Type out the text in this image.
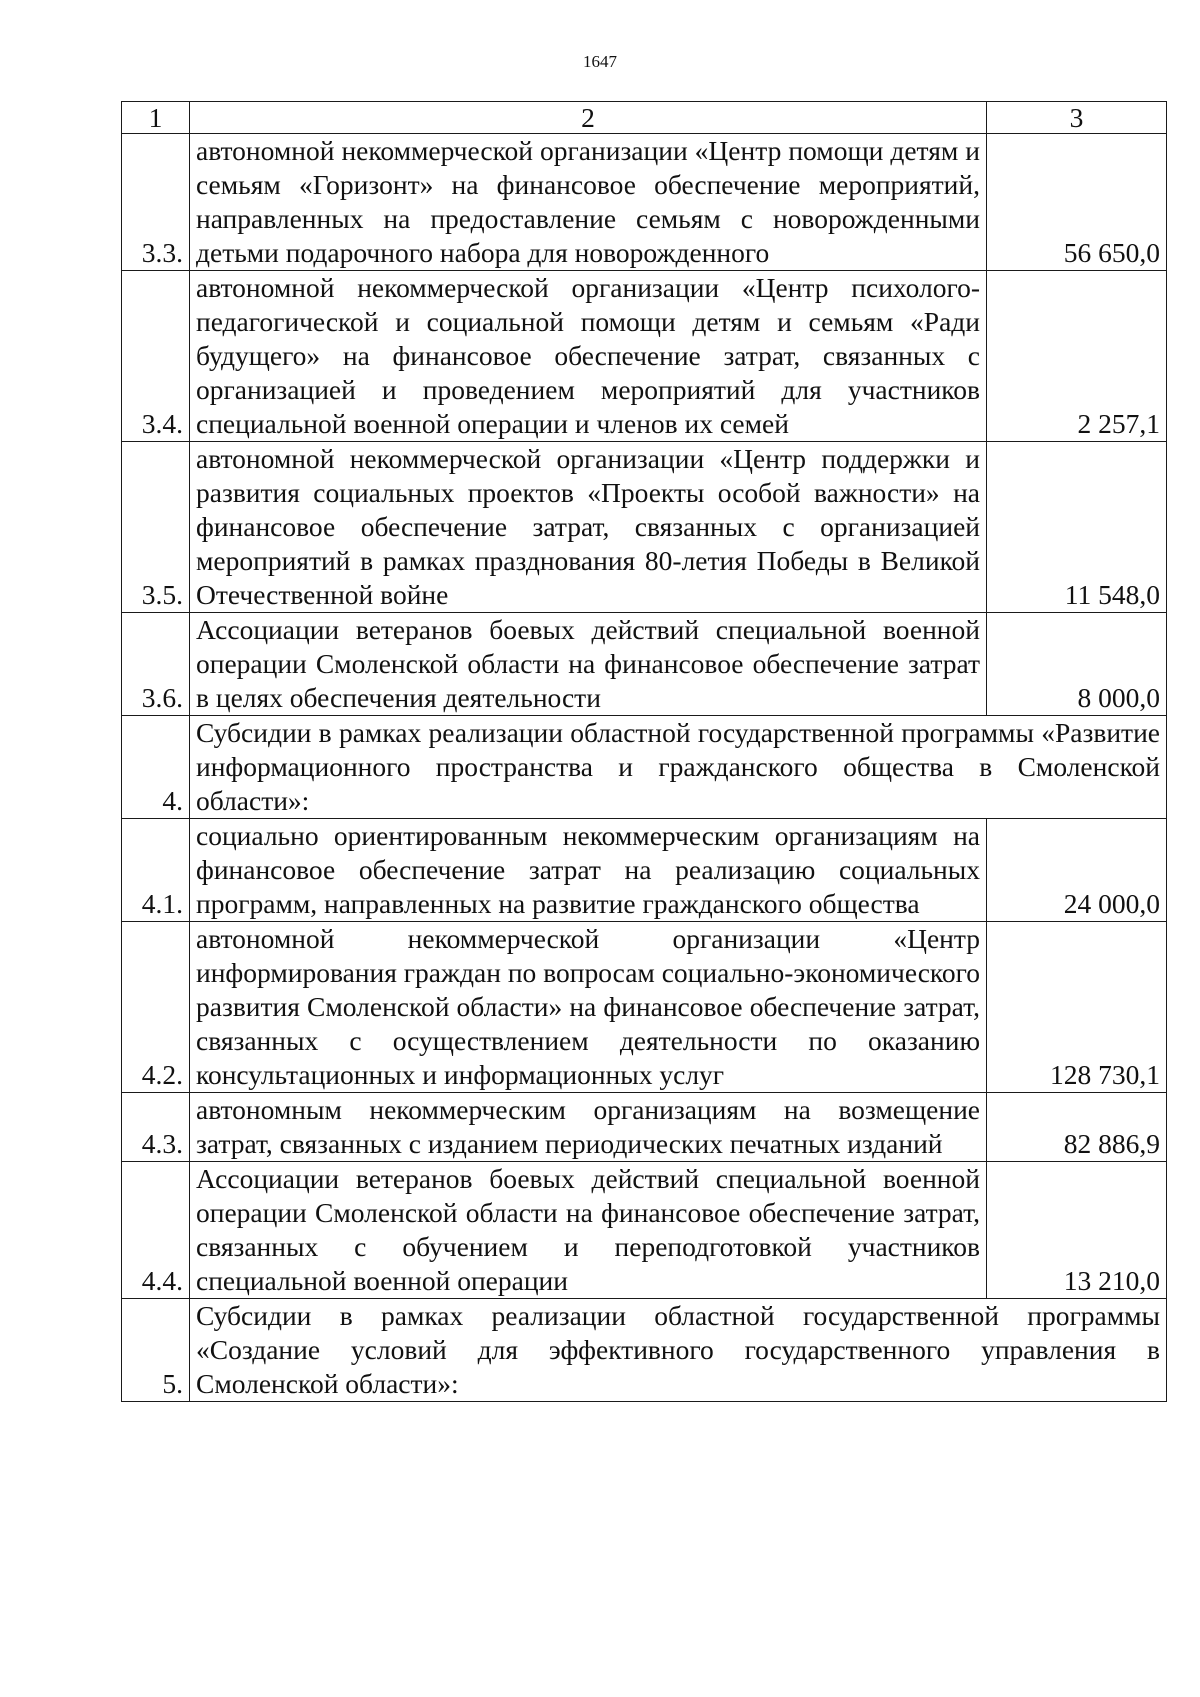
1647
1	2	3
3.3.	автономной некоммерческой организации «Центр помощи детям и семьям «Горизонт» на финансовое обеспечение мероприятий, направленных на предоставление семьям с новорожденными детьми подарочного набора для новорожденного	56 650,0
3.4.	автономной некоммерческой организации «Центр психолого-педагогической и социальной помощи детям и семьям «Ради будущего» на финансовое обеспечение затрат, связанных с организацией и проведением мероприятий для участников специальной военной операции и членов их семей	2 257,1
3.5.	автономной некоммерческой организации «Центр поддержки и развития социальных проектов «Проекты особой важности» на финансовое обеспечение затрат, связанных с организацией мероприятий в рамках празднования 80-летия Победы в Великой Отечественной войне	11 548,0
3.6.	Ассоциации ветеранов боевых действий специальной военной операции Смоленской области на финансовое обеспечение затрат в целях обеспечения деятельности	8 000,0
4.	Субсидии в рамках реализации областной государственной программы «Развитие информационного пространства и гражданского общества в Смоленской области»:	
4.1.	социально ориентированным некоммерческим организациям на финансовое обеспечение затрат на реализацию социальных программ, направленных на развитие гражданского общества	24 000,0
4.2.	автономной некоммерческой организации «Центр информирования граждан по вопросам социально-экономического развития Смоленской области» на финансовое обеспечение затрат, связанных с осуществлением деятельности по оказанию консультационных и информационных услуг	128 730,1
4.3.	автономным некоммерческим организациям на возмещение затрат, связанных с изданием периодических печатных изданий	82 886,9
4.4.	Ассоциации ветеранов боевых действий специальной военной операции Смоленской области на финансовое обеспечение затрат, связанных с обучением и переподготовкой участников специальной военной операции	13 210,0
5.	Субсидии в рамках реализации областной государственной программы «Создание условий для эффективного государственного управления в Смоленской области»:	
